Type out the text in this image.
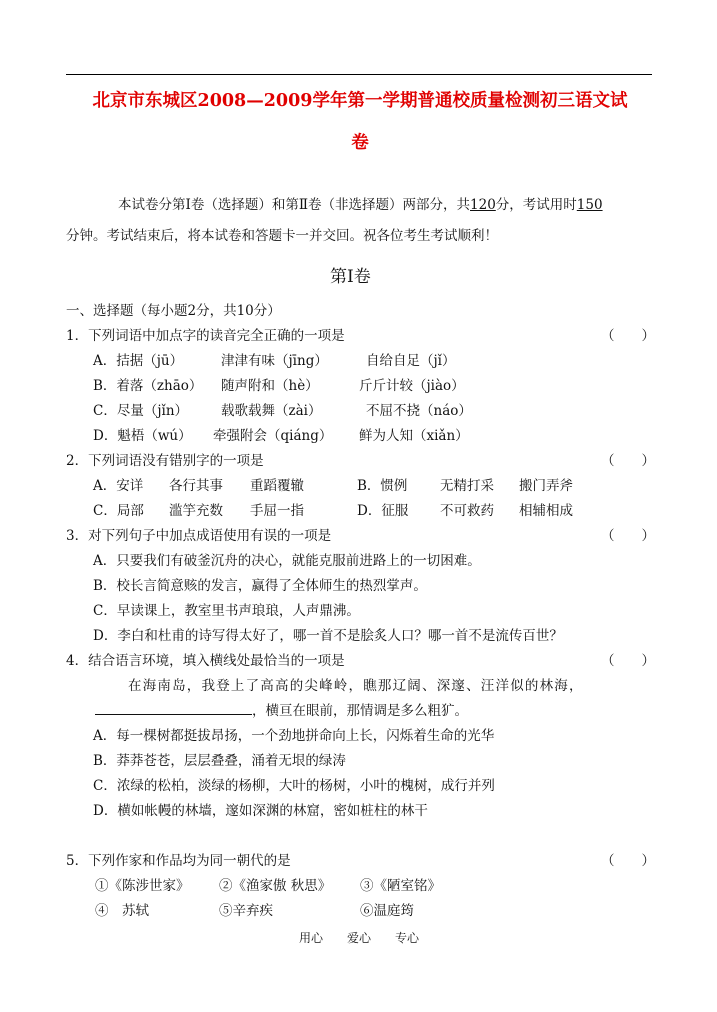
北京市东城区2008—2009学年第一学期普通校质量检测初三语文试
卷
本试卷分第Ⅰ卷（选择题）和第Ⅱ卷（非选择题）两部分，共120分，考试用时150
分钟。考试结束后，将本试卷和答题卡一并交回。祝各位考生考试顺利！
第Ⅰ卷
一、选择题（每小题2分，共10分）
1．下列词语中加点字的读音完全正确的一项是	（　　）
A．拮据（jū）	津津有味（jīng）	自给自足（jǐ）
B．着落（zhāo） 随声附和（hè）	斤斤计较（jiào）
C．尽量（jǐn） 载歌载舞（zài）	不屈不挠（náo）
D．魁梧（wú） 牵强附会（qiáng） 鲜为人知（xiǎn）
2．下列词语没有错别字的一项是	（　　）
A．安详 各行其事 重蹈覆辙	B．惯例 无精打采 搬门弄斧
C．局部 滥竽充数 手屈一指	D．征服 不可救药 相辅相成
3．对下列句子中加点成语使用有误的一项是	（　　）
A．只要我们有破釜沉舟的决心，就能克服前进路上的一切困难。
B．校长言简意赅的发言，赢得了全体师生的热烈掌声。
C．早读课上，教室里书声琅琅，人声鼎沸。
D．李白和杜甫的诗写得太好了，哪一首不是脍炙人口？哪一首不是流传百世？
4．结合语言环境，填入横线处最恰当的一项是	（　　）
在海南岛，我登上了高高的尖峰岭，瞧那辽阔、深邃、汪洋似的林海，
，横亘在眼前，那情调是多么粗犷。
A．每一棵树都挺拔昂扬，一个劲地拼命向上长，闪烁着生命的光华
B．莽莽苍苍，层层叠叠，涌着无垠的绿涛
C．浓绿的松柏，淡绿的杨柳，大叶的杨树，小叶的槐树，成行并列
D．横如帐幔的林墙，邃如深渊的林窟，密如桩柱的林干
5．下列作家和作品均为同一朝代的是	（　　）
①《陈涉世家》 ②《渔家傲 秋思》 ③《陋室铭》
④　苏轼	⑤辛弃疾	⑥温庭筠
用心　　爱心　　专心
